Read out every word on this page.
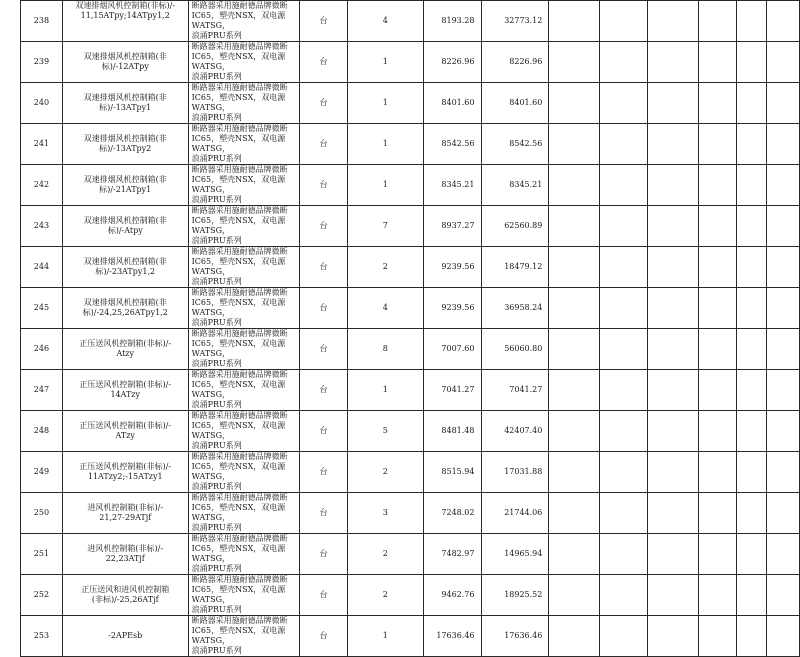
238	双速排烟风机控制箱(非标)/-
11,15ATpy;14ATpy1,2	断路器采用施耐德品牌微断
IC65，塑壳NSX，双电源WATSG，
浪涌PRU系列	台	4	8193.28	32773.12						

239	双速排烟风机控制箱(非
标)/-12ATpy	断路器采用施耐德品牌微断
IC65，塑壳NSX，双电源WATSG，
浪涌PRU系列	台	1	8226.96	8226.96						

240	双速排烟风机控制箱(非
标)/-13ATpy1	断路器采用施耐德品牌微断
IC65，塑壳NSX，双电源WATSG，
浪涌PRU系列	台	1	8401.60	8401.60						

241	双速排烟风机控制箱(非
标)/-13ATpy2	断路器采用施耐德品牌微断
IC65，塑壳NSX，双电源WATSG，
浪涌PRU系列	台	1	8542.56	8542.56						

242	双速排烟风机控制箱(非
标)/-21ATpy1	断路器采用施耐德品牌微断
IC65，塑壳NSX，双电源WATSG，
浪涌PRU系列	台	1	8345.21	8345.21						

243	双速排烟风机控制箱(非
标)/-Atpy	断路器采用施耐德品牌微断
IC65，塑壳NSX，双电源WATSG，
浪涌PRU系列	台	7	8937.27	62560.89						

244	双速排烟风机控制箱(非
标)/-23ATpy1,2	断路器采用施耐德品牌微断
IC65，塑壳NSX，双电源WATSG，
浪涌PRU系列	台	2	9239.56	18479.12						

245	双速排烟风机控制箱(非
标)/-24,25,26ATpy1,2	断路器采用施耐德品牌微断
IC65，塑壳NSX，双电源WATSG，
浪涌PRU系列	台	4	9239.56	36958.24						

246	正压送风机控制箱(非标)/-
Atzy	断路器采用施耐德品牌微断
IC65，塑壳NSX，双电源WATSG，
浪涌PRU系列	台	8	7007.60	56060.80						

247	正压送风机控制箱(非标)/-
14ATzy	断路器采用施耐德品牌微断
IC65，塑壳NSX，双电源WATSG，
浪涌PRU系列	台	1	7041.27	7041.27						

248	正压送风机控制箱(非标)/-
ATzy	断路器采用施耐德品牌微断
IC65，塑壳NSX，双电源WATSG，
浪涌PRU系列	台	5	8481.48	42407.40						

249	正压送风机控制箱(非标)/-
11ATzy2;-15ATzy1	断路器采用施耐德品牌微断
IC65，塑壳NSX，双电源WATSG，
浪涌PRU系列	台	2	8515.94	17031.88						

250	进风机控制箱(非标)/-
21,27-29ATjf	断路器采用施耐德品牌微断
IC65，塑壳NSX，双电源WATSG，
浪涌PRU系列	台	3	7248.02	21744.06						

251	进风机控制箱(非标)/-
22,23ATjf	断路器采用施耐德品牌微断
IC65，塑壳NSX，双电源WATSG，
浪涌PRU系列	台	2	7482.97	14965.94						

252	正压送风和进风机控制箱
(非标)/-25,26ATjf	断路器采用施耐德品牌微断
IC65，塑壳NSX，双电源WATSG，
浪涌PRU系列	台	2	9462.76	18925.52						

253	-2APEsb	断路器采用施耐德品牌微断
IC65，塑壳NSX，双电源WATSG，
浪涌PRU系列	台	1	17636.46	17636.46						
